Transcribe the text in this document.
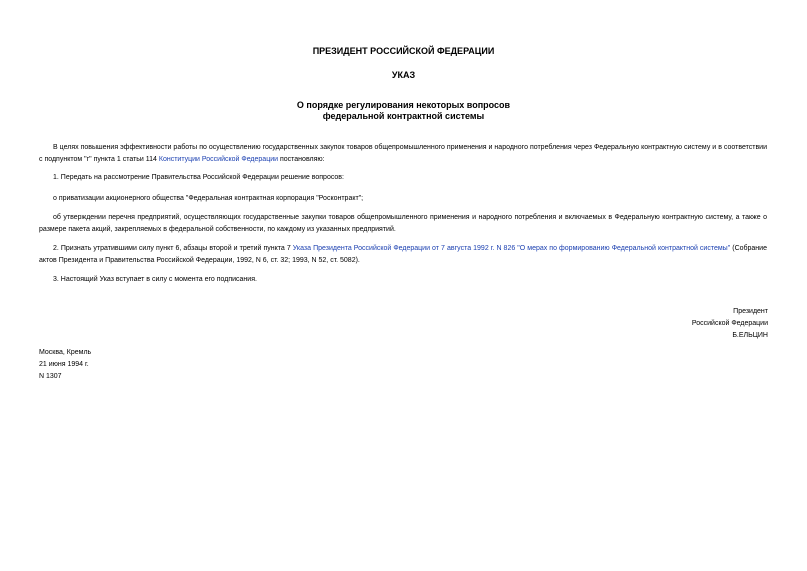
ПРЕЗИДЕНТ РОССИЙСКОЙ ФЕДЕРАЦИИ
УКАЗ
О порядке регулирования некоторых вопросов
федеральной контрактной системы
В целях повышения эффективности работы по осуществлению государственных закупок товаров общепромышленного применения и народного потребления через Федеральную контрактную систему и в соответствии с подпунктом "г" пункта 1 статьи 114 Конституции Российской Федерации постановляю:
1. Передать на рассмотрение Правительства Российской Федерации решение вопросов:
о приватизации акционерного общества "Федеральная контрактная корпорация "Росконтракт";
об утверждении перечня предприятий, осуществляющих государственные закупки товаров общепромышленного применения и народного потребления и включаемых в Федеральную контрактную систему, а также о размере пакета акций, закрепляемых в федеральной собственности, по каждому из указанных предприятий.
2. Признать утратившими силу пункт 6, абзацы второй и третий пункта 7 Указа Президента Российской Федерации от 7 августа 1992 г. N 826 "О мерах по формированию Федеральной контрактной системы" (Собрание актов Президента и Правительства Российской Федерации, 1992, N 6, ст. 32; 1993, N 52, ст. 5082).
3. Настоящий Указ вступает в силу с момента его подписания.
Президент
Российской Федерации
Б.ЕЛЬЦИН
Москва, Кремль
21 июня 1994 г.
N 1307
